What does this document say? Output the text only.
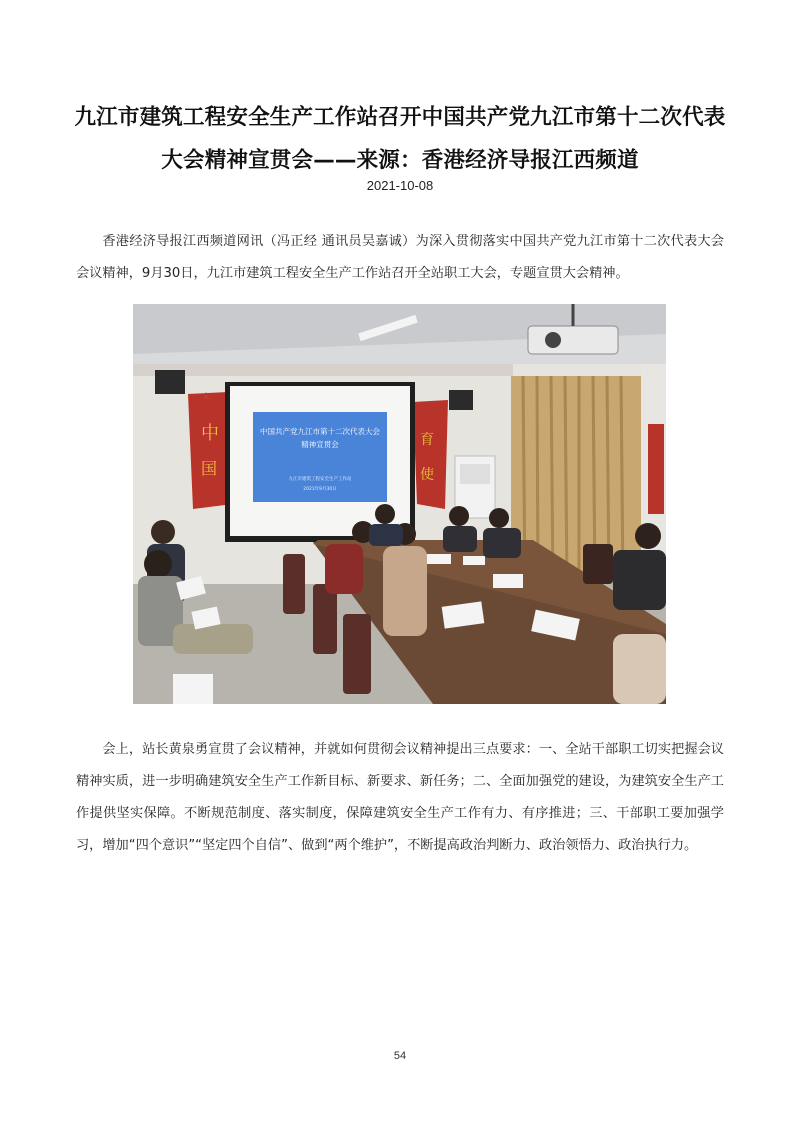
九江市建筑工程安全生产工作站召开中国共产党九江市第十二次代表大会精神宣贯会——来源：香港经济导报江西频道
2021-10-08
香港经济导报江西频道网讯（冯正经 通讯员吴嘉诚）为深入贯彻落实中国共产党九江市第十二次代表大会会议精神，9月30日，九江市建筑工程安全生产工作站召开全站职工大会，专题宣贯大会精神。
中
国
育
使
中国共产党九江市第十二次代表大会
精神宣贯会
九江市建筑工程安全生产工作站
2021年9月30日
会上，站长黄泉勇宣贯了会议精神，并就如何贯彻会议精神提出三点要求：一、全站干部职工切实把握会议精神实质，进一步明确建筑安全生产工作新目标、新要求、新任务；二、全面加强党的建设，为建筑安全生产工作提供坚实保障。不断规范制度、落实制度，保障建筑安全生产工作有力、有序推进；三、干部职工要加强学习，增加“四个意识”“坚定四个自信”、做到“两个维护”，不断提高政治判断力、政治领悟力、政治执行力。
54
